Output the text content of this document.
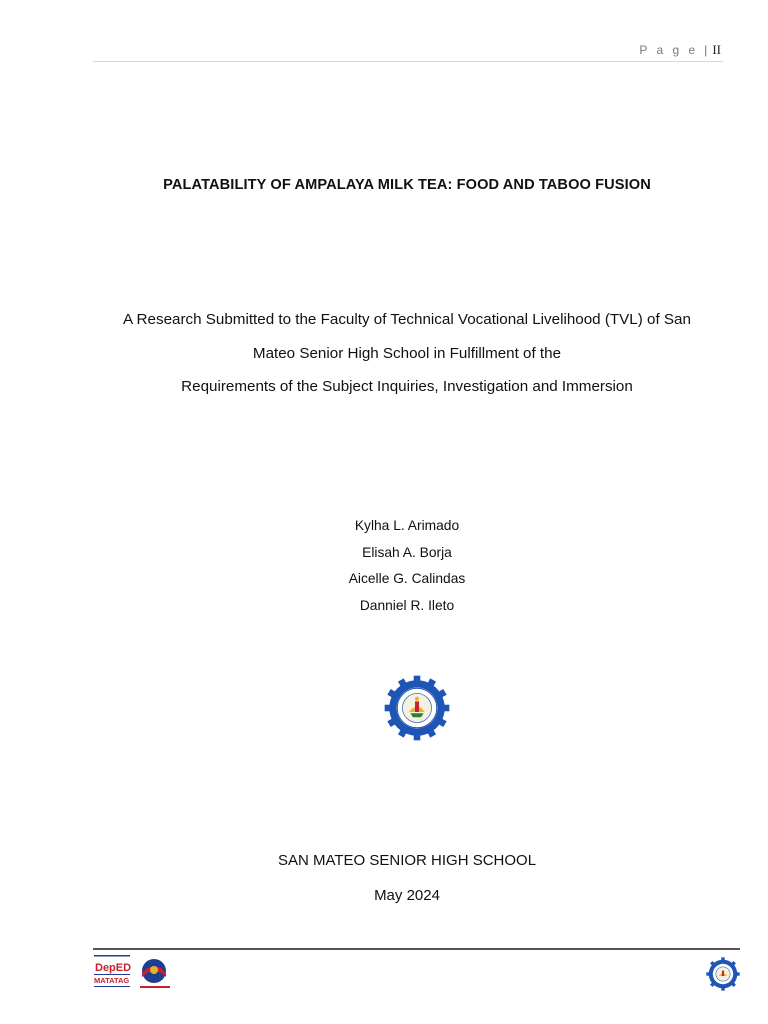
P a g e | II
PALATABILITY OF AMPALAYA MILK TEA: FOOD AND TABOO FUSION
A Research Submitted to the Faculty of Technical Vocational Livelihood (TVL) of San
Mateo Senior High School in Fulfillment of the
Requirements of the Subject Inquiries, Investigation and Immersion
Kylha L. Arimado
Elisah A. Borja
Aicelle G. Calindas
Danniel R. Ileto
SAN MATEO SENIOR HIGH SCHOOL
May 2024
DepED
MATATAG
